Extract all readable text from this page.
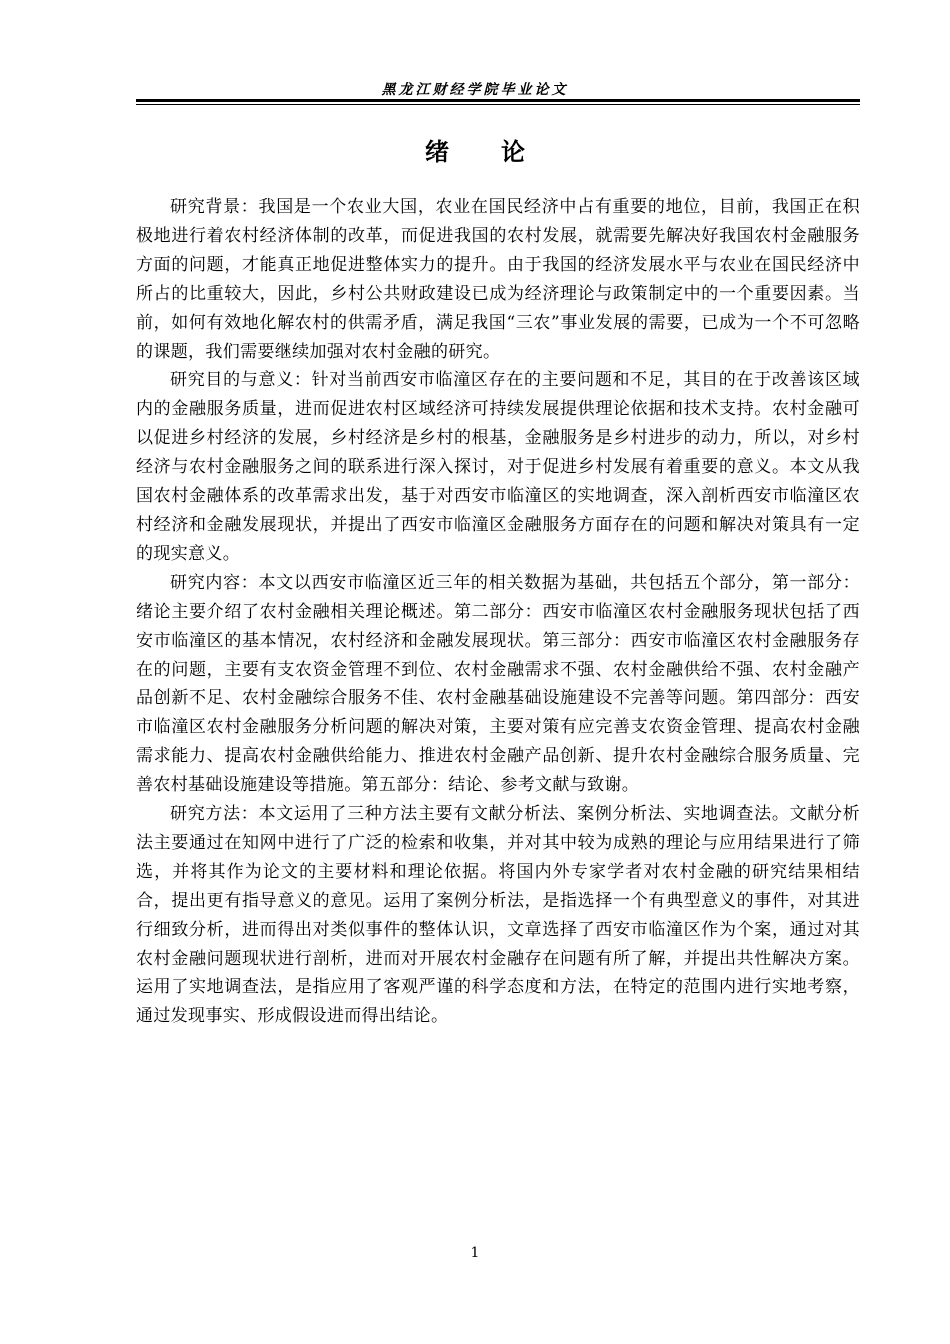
黑龙江财经学院毕业论文
绪 论

研究背景：我国是一个农业大国，农业在国民经济中占有重要的地位，目前，我国正在积极地进行着农村经济体制的改革，而促进我国的农村发展，就需要先解决好我国农村金融服务方面的问题，才能真正地促进整体实力的提升。由于我国的经济发展水平与农业在国民经济中所占的比重较大，因此，乡村公共财政建设已成为经济理论与政策制定中的一个重要因素。当前，如何有效地化解农村的供需矛盾，满足我国“三农”事业发展的需要，已成为一个不可忽略的课题，我们需要继续加强对农村金融的研究。

研究目的与意义：针对当前西安市临潼区存在的主要问题和不足，其目的在于改善该区域内的金融服务质量，进而促进农村区域经济可持续发展提供理论依据和技术支持。农村金融可以促进乡村经济的发展，乡村经济是乡村的根基，金融服务是乡村进步的动力，所以，对乡村经济与农村金融服务之间的联系进行深入探讨，对于促进乡村发展有着重要的意义。本文从我国农村金融体系的改革需求出发，基于对西安市临潼区的实地调查，深入剖析西安市临潼区农村经济和金融发展现状，并提出了西安市临潼区金融服务方面存在的问题和解决对策具有一定的现实意义。

研究内容：本文以西安市临潼区近三年的相关数据为基础，共包括五个部分，第一部分：绪论主要介绍了农村金融相关理论概述。第二部分：西安市临潼区农村金融服务现状包括了西安市临潼区的基本情况，农村经济和金融发展现状。第三部分：西安市临潼区农村金融服务存在的问题，主要有支农资金管理不到位、农村金融需求不强、农村金融供给不强、农村金融产品创新不足、农村金融综合服务不佳、农村金融基础设施建设不完善等问题。第四部分：西安市临潼区农村金融服务分析问题的解决对策，主要对策有应完善支农资金管理、提高农村金融需求能力、提高农村金融供给能力、推进农村金融产品创新、提升农村金融综合服务质量、完善农村基础设施建设等措施。第五部分：结论、参考文献与致谢。

研究方法：本文运用了三种方法主要有文献分析法、案例分析法、实地调查法。文献分析法主要通过在知网中进行了广泛的检索和收集，并对其中较为成熟的理论与应用结果进行了筛选，并将其作为论文的主要材料和理论依据。将国内外专家学者对农村金融的研究结果相结合，提出更有指导意义的意见。运用了案例分析法，是指选择一个有典型意义的事件，对其进行细致分析，进而得出对类似事件的整体认识，文章选择了西安市临潼区作为个案，通过对其农村金融问题现状进行剖析，进而对开展农村金融存在问题有所了解，并提出共性解决方案。运用了实地调查法，是指应用了客观严谨的科学态度和方法，在特定的范围内进行实地考察，通过发现事实、形成假设进而得出结论。

1
